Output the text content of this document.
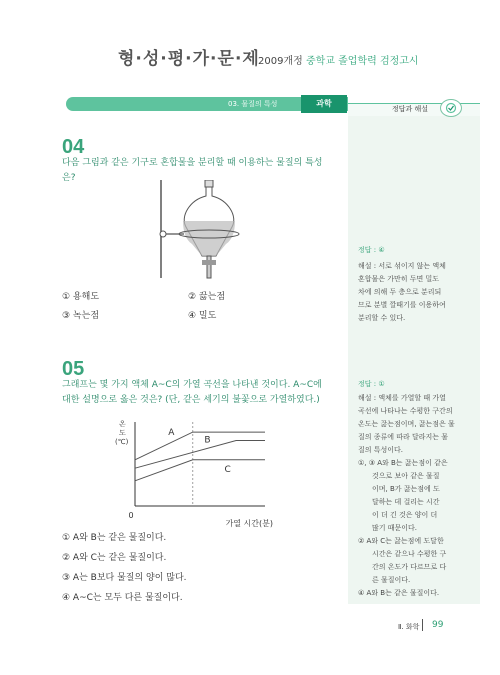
형·성·평·가·문·제
2009개정 중학교 졸업학력 검정고시
03. 물질의 특성	과학
정답과 해설
04
다음 그림과 같은 기구로 혼합물을 분리할 때 이용하는 물질의 특성
은?
① 용해도	② 끓는점
③ 녹는점	④ 밀도
정답 : ④
해설 : 서로 섞이지 않는 액체
혼합물은 가만히 두면 밀도
차에 의해 두 층으로 분리되
므로 분별 깔때기를 이용하여
분리할 수 있다.
05
그래프는 몇 가지 액체 A~C의 가열 곡선을 나타낸 것이다. A~C에
대한 설명으로 옳은 것은? (단, 같은 세기의 불꽃으로 가열하였다.)
A
B
C
온 도 (℃)
0
가열 시간(분)
① A와 B는 같은 물질이다.
② A와 C는 같은 물질이다.
③ A는 B보다 물질의 양이 많다.
④ A~C는 모두 다른 물질이다.
정답 : ①
해설 : 액체를 가열할 때 가열
곡선에 나타나는 수평한 구간의
온도는 끓는점이며, 끓는점은 물
질의 종류에 따라 달라지는 물
질의 특성이다.
①, ③ A와 B는 끓는점이 같은
것으로 보아 같은 물질
이며, B가 끓는점에 도
달하는 데 걸리는 시간
이 더 긴 것은 양이 더
많기 때문이다.
② A와 C는 끓는점에 도달한
시간은 같으나 수평한 구
간의 온도가 다르므로 다
른 물질이다.
④ A와 B는 같은 물질이다.
Ⅱ. 화학 99
